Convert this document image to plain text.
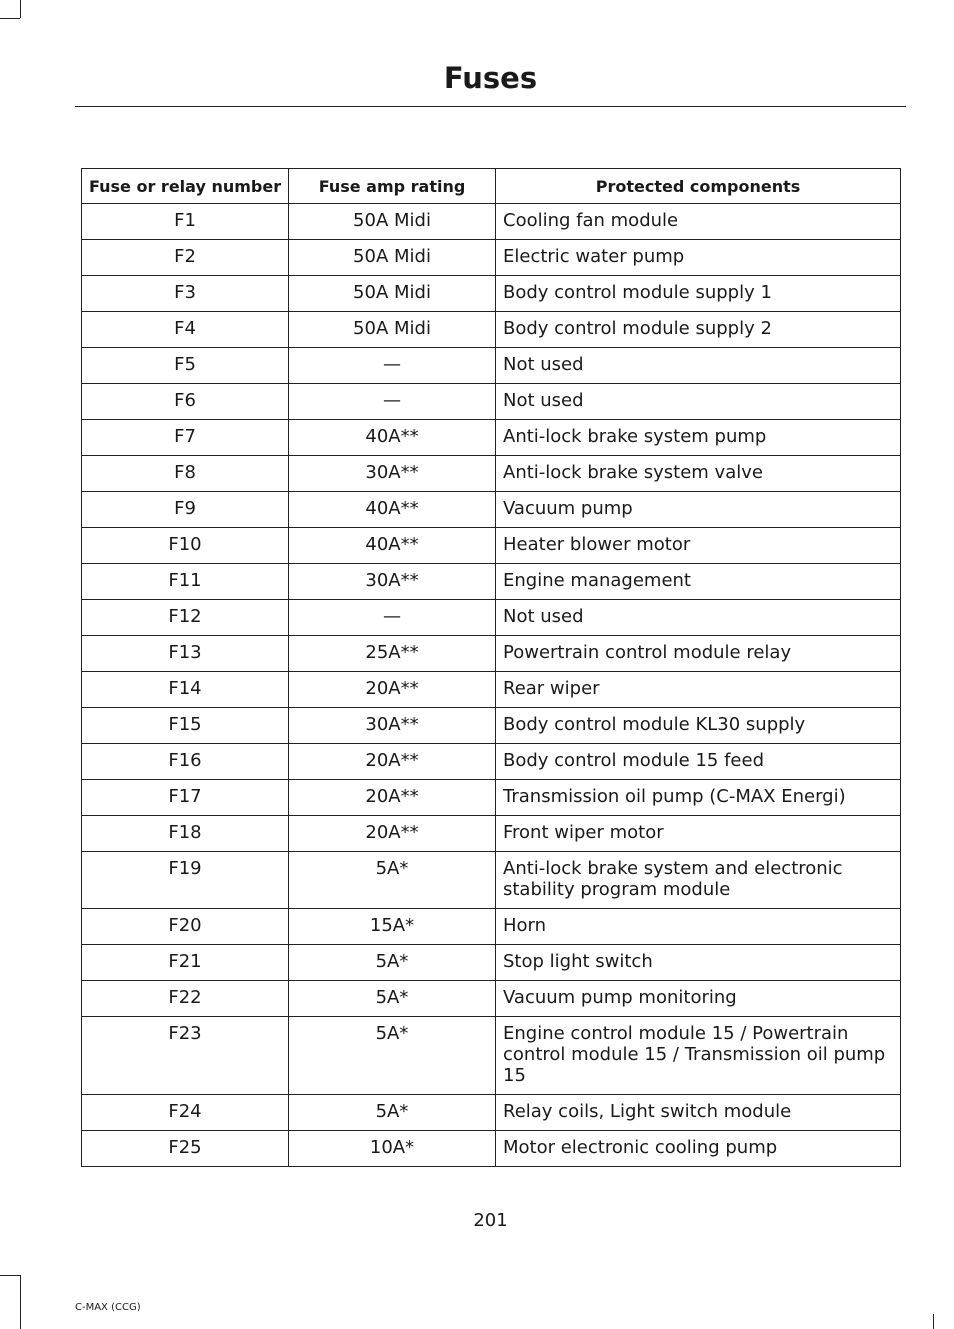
Fuses
Fuse or relay number	Fuse amp rating	Protected components
F1	50A Midi	Cooling fan module
F2	50A Midi	Electric water pump
F3	50A Midi	Body control module supply 1
F4	50A Midi	Body control module supply 2
F5	—	Not used
F6	—	Not used
F7	40A**	Anti-lock brake system pump
F8	30A**	Anti-lock brake system valve
F9	40A**	Vacuum pump
F10	40A**	Heater blower motor
F11	30A**	Engine management
F12	—	Not used
F13	25A**	Powertrain control module relay
F14	20A**	Rear wiper
F15	30A**	Body control module KL30 supply
F16	20A**	Body control module 15 feed
F17	20A**	Transmission oil pump (C-MAX Energi)
F18	20A**	Front wiper motor
F19	5A*	Anti-lock brake system and electronic stability program module
F20	15A*	Horn
F21	5A*	Stop light switch
F22	5A*	Vacuum pump monitoring
F23	5A*	Engine control module 15 / Powertrain control module 15 / Transmission oil pump 15
F24	5A*	Relay coils, Light switch module
F25	10A*	Motor electronic cooling pump
201
C-MAX (CCG)
